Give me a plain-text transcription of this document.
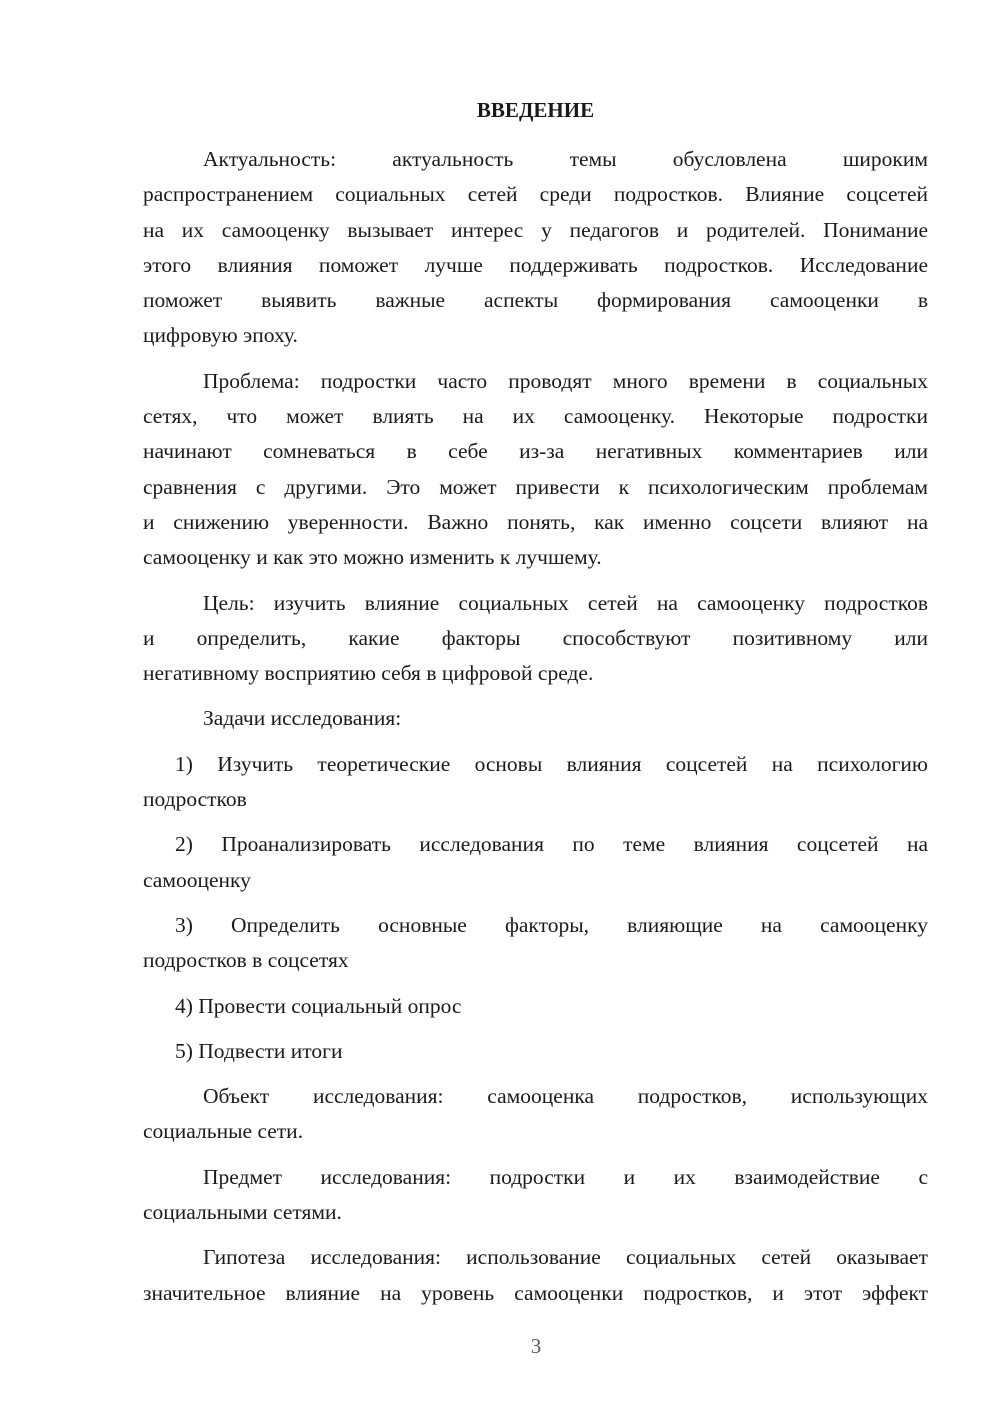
ВВЕДЕНИЕ
Актуальность: актуальность темы обусловлена широким
распространением социальных сетей среди подростков. Влияние соцсетей
на их самооценку вызывает интерес у педагогов и родителей. Понимание
этого влияния поможет лучше поддерживать подростков. Исследование
поможет выявить важные аспекты формирования самооценки в
цифровую эпоху.
Проблема: подростки часто проводят много времени в социальных
сетях, что может влиять на их самооценку. Некоторые подростки
начинают сомневаться в себе из-за негативных комментариев или
сравнения с другими. Это может привести к психологическим проблемам
и снижению уверенности. Важно понять, как именно соцсети влияют на
самооценку и как это можно изменить к лучшему.
Цель: изучить влияние социальных сетей на самооценку подростков
и определить, какие факторы способствуют позитивному или
негативному восприятию себя в цифровой среде.
Задачи исследования:
1) Изучить теоретические основы влияния соцсетей на психологию
подростков
2) Проанализировать исследования по теме влияния соцсетей на
самооценку
3) Определить основные факторы, влияющие на самооценку
подростков в соцсетях
4) Провести социальный опрос
5) Подвести итоги
Объект исследования: самооценка подростков, использующих
социальные сети.
Предмет исследования: подростки и их взаимодействие с
социальными сетями.
Гипотеза исследования: использование социальных сетей оказывает
значительное влияние на уровень самооценки подростков, и этот эффект
3
